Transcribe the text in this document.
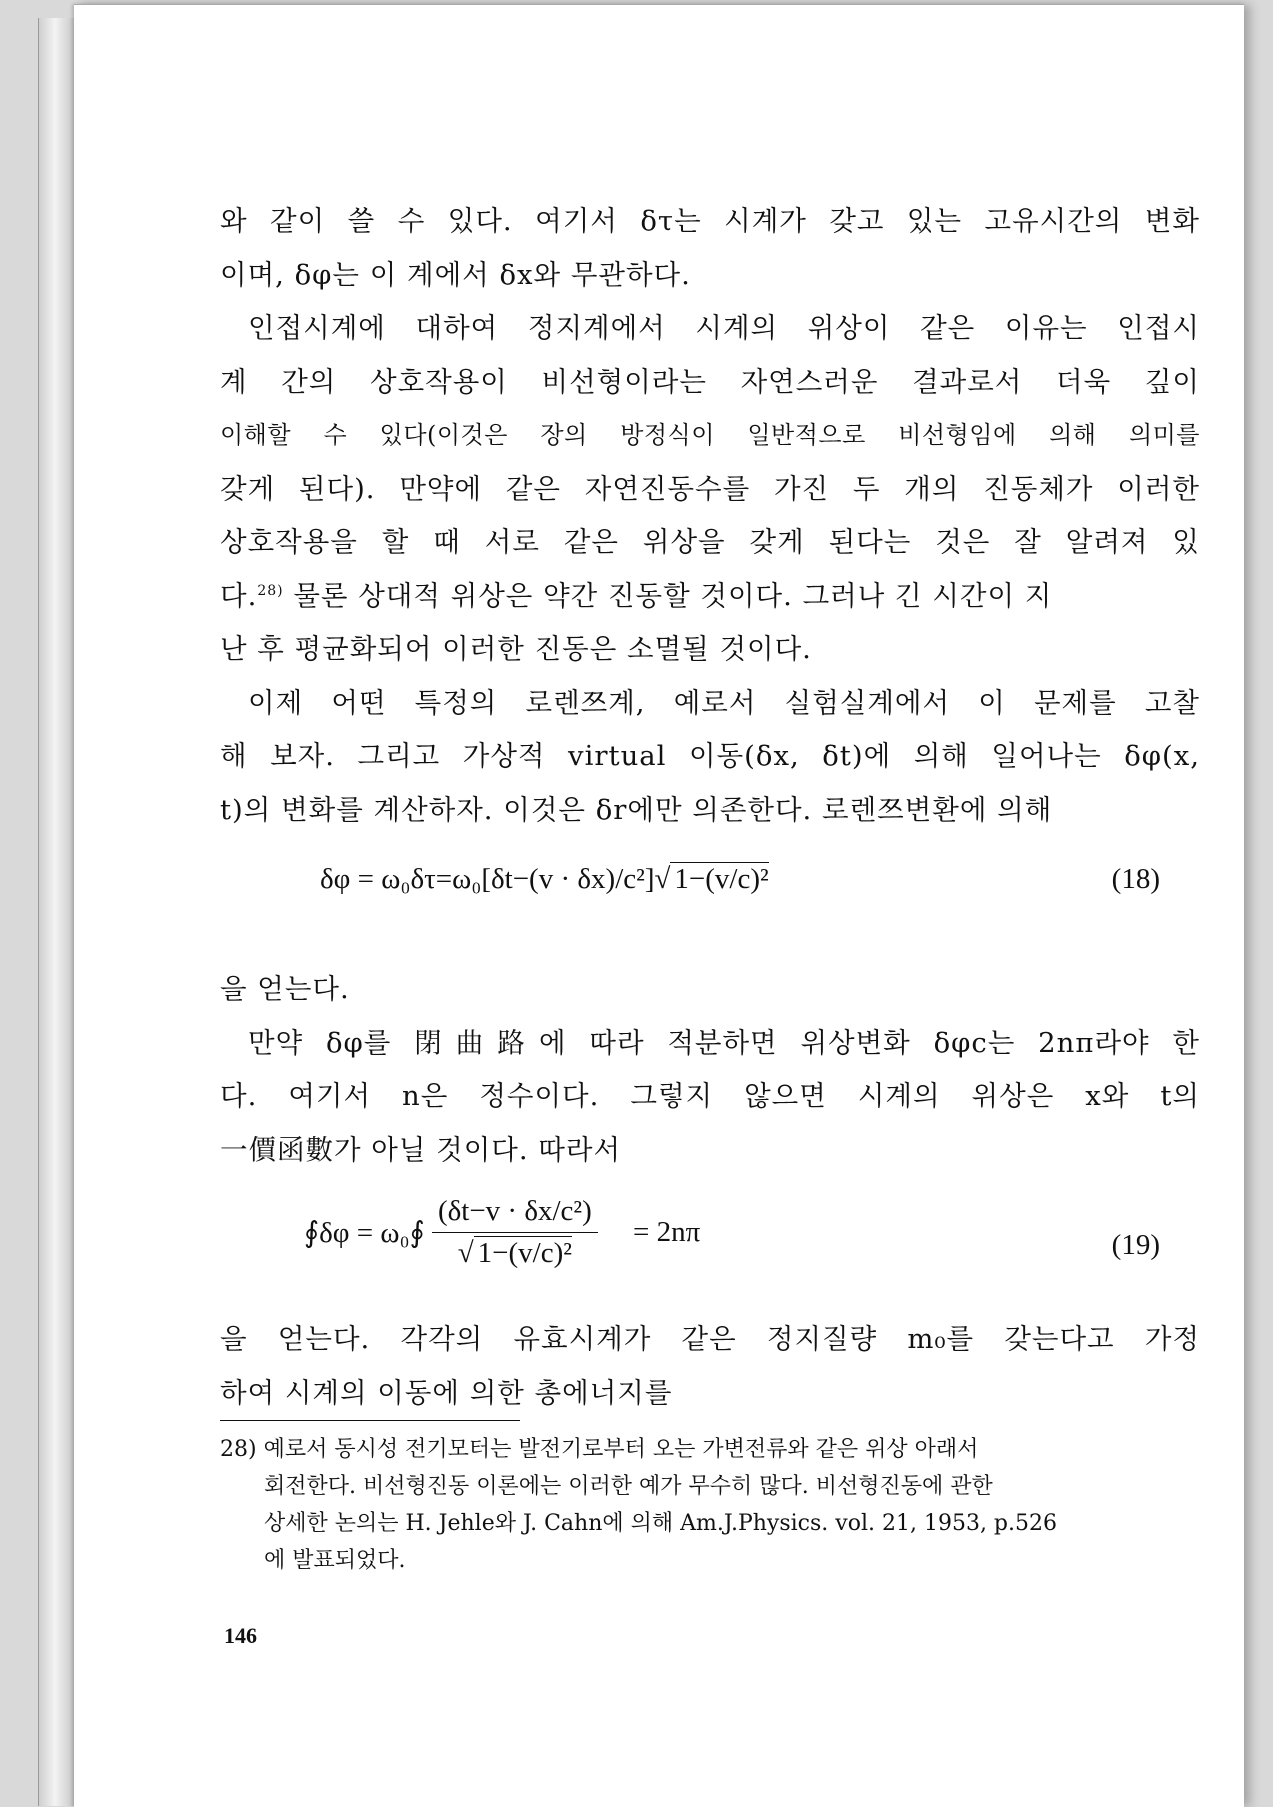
와 같이 쓸 수 있다. 여기서 δτ는 시계가 갖고 있는 고유시간의 변화
이며, δφ는 이 계에서 δx와 무관하다.
인접시계에 대하여 정지계에서 시계의 위상이 같은 이유는 인접시
계 간의 상호작용이 비선형이라는 자연스러운 결과로서 더욱 깊이
이해할 수 있다(이것은 장의 방정식이 일반적으로 비선형임에 의해 의미를
갖게 된다). 만약에 같은 자연진동수를 가진 두 개의 진동체가 이러한
상호작용을 할 때 서로 같은 위상을 갖게 된다는 것은 잘 알려져 있
다.$^{28)}$ 물론 상대적 위상은 약간 진동할 것이다. 그러나 긴 시간이 지
난 후 평균화되어 이러한 진동은 소멸될 것이다.
이제 어떤 특정의 로렌쯔계, 예로서 실험실계에서 이 문제를 고찰
해 보자. 그리고 가상적 virtual 이동(δx, δt)에 의해 일어나는 δφ(x,
t)의 변화를 계산하자. 이것은 δr에만 의존한다. 로렌쯔변환에 의해
δφ = ω₀δτ=ω₀[δt−(v · δx)/c²]√ 1−(v/c)²	(18)
을 얻는다.
만약 δφ를 閉曲路에 따라 적분하면 위상변화 δφc는 2nπ라야 한
다. 여기서 n은 정수이다. 그렇지 않으면 시계의 위상은 x와 t의
一價函數가 아닐 것이다. 따라서
∮δφ = ω₀∮ $\frac{\text{(δt−v · δx/c²)}}{\text{√ 1−(v/c)²}} = 2n\pi$	(19)
을 얻는다. 각각의 유효시계가 같은 정지질량 m₀를 갖는다고 가정
하여 시계의 이동에 의한 총에너지를
28) 예로서 동시성 전기모터는 발전기로부터 오는 가변전류와 같은 위상 아래서
회전한다. 비선형진동 이론에는 이러한 예가 무수히 많다. 비선형진동에 관한
상세한 논의는 H. Jehle와 J. Cahn에 의해 Am.J.Physics. vol. 21, 1953, p.526
에 발표되었다.
146
